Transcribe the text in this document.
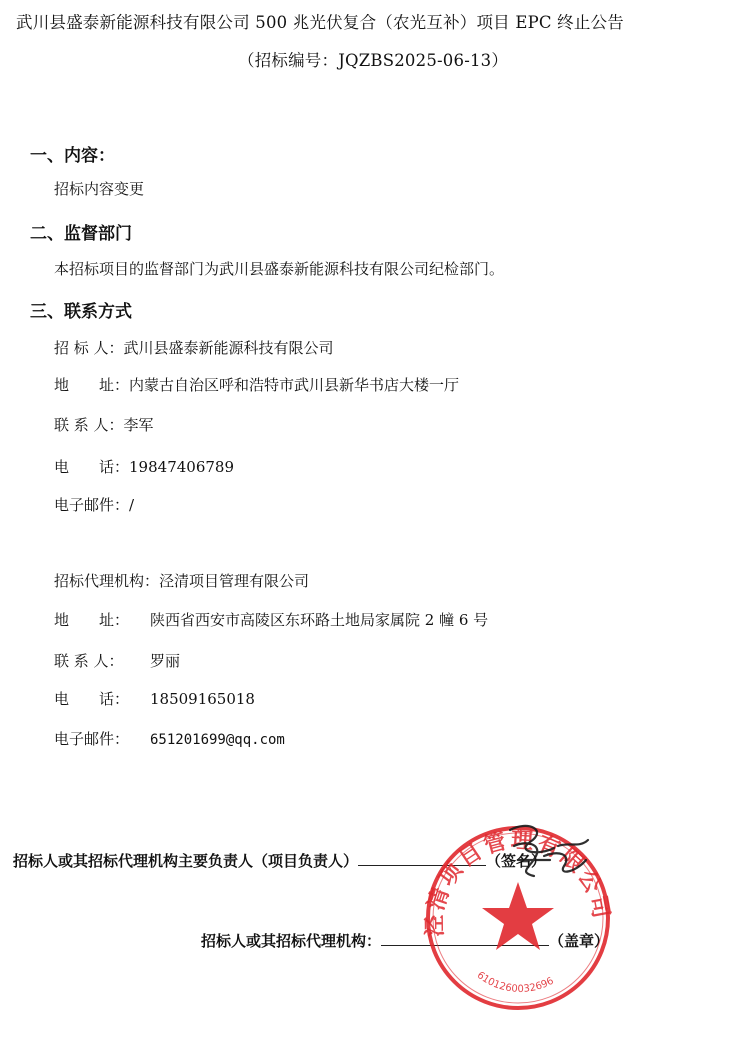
武川县盛泰新能源科技有限公司 500 兆光伏复合（农光互补）项目 EPC 终止公告
（招标编号：JQZBS2025-06-13）
一、内容：
招标内容变更
二、监督部门
本招标项目的监督部门为武川县盛泰新能源科技有限公司纪检部门。
三、联系方式
招 标 人：武川县盛泰新能源科技有限公司
地　　址：内蒙古自治区呼和浩特市武川县新华书店大楼一厅
联 系 人：李军
电　　话：19847406789
电子邮件：/
招标代理机构：泾清项目管理有限公司
地　　址： 陕西省西安市高陵区东环路土地局家属院 2 幢 6 号
联 系 人： 罗丽
电　　话： 18509165018
电子邮件： 651201699@qq.com
招标人或其招标代理机构主要负责人（项目负责人）	（签名）
招标人或其招标代理机构：	（盖章）
泾清项目管理有限公司
6101260032696
